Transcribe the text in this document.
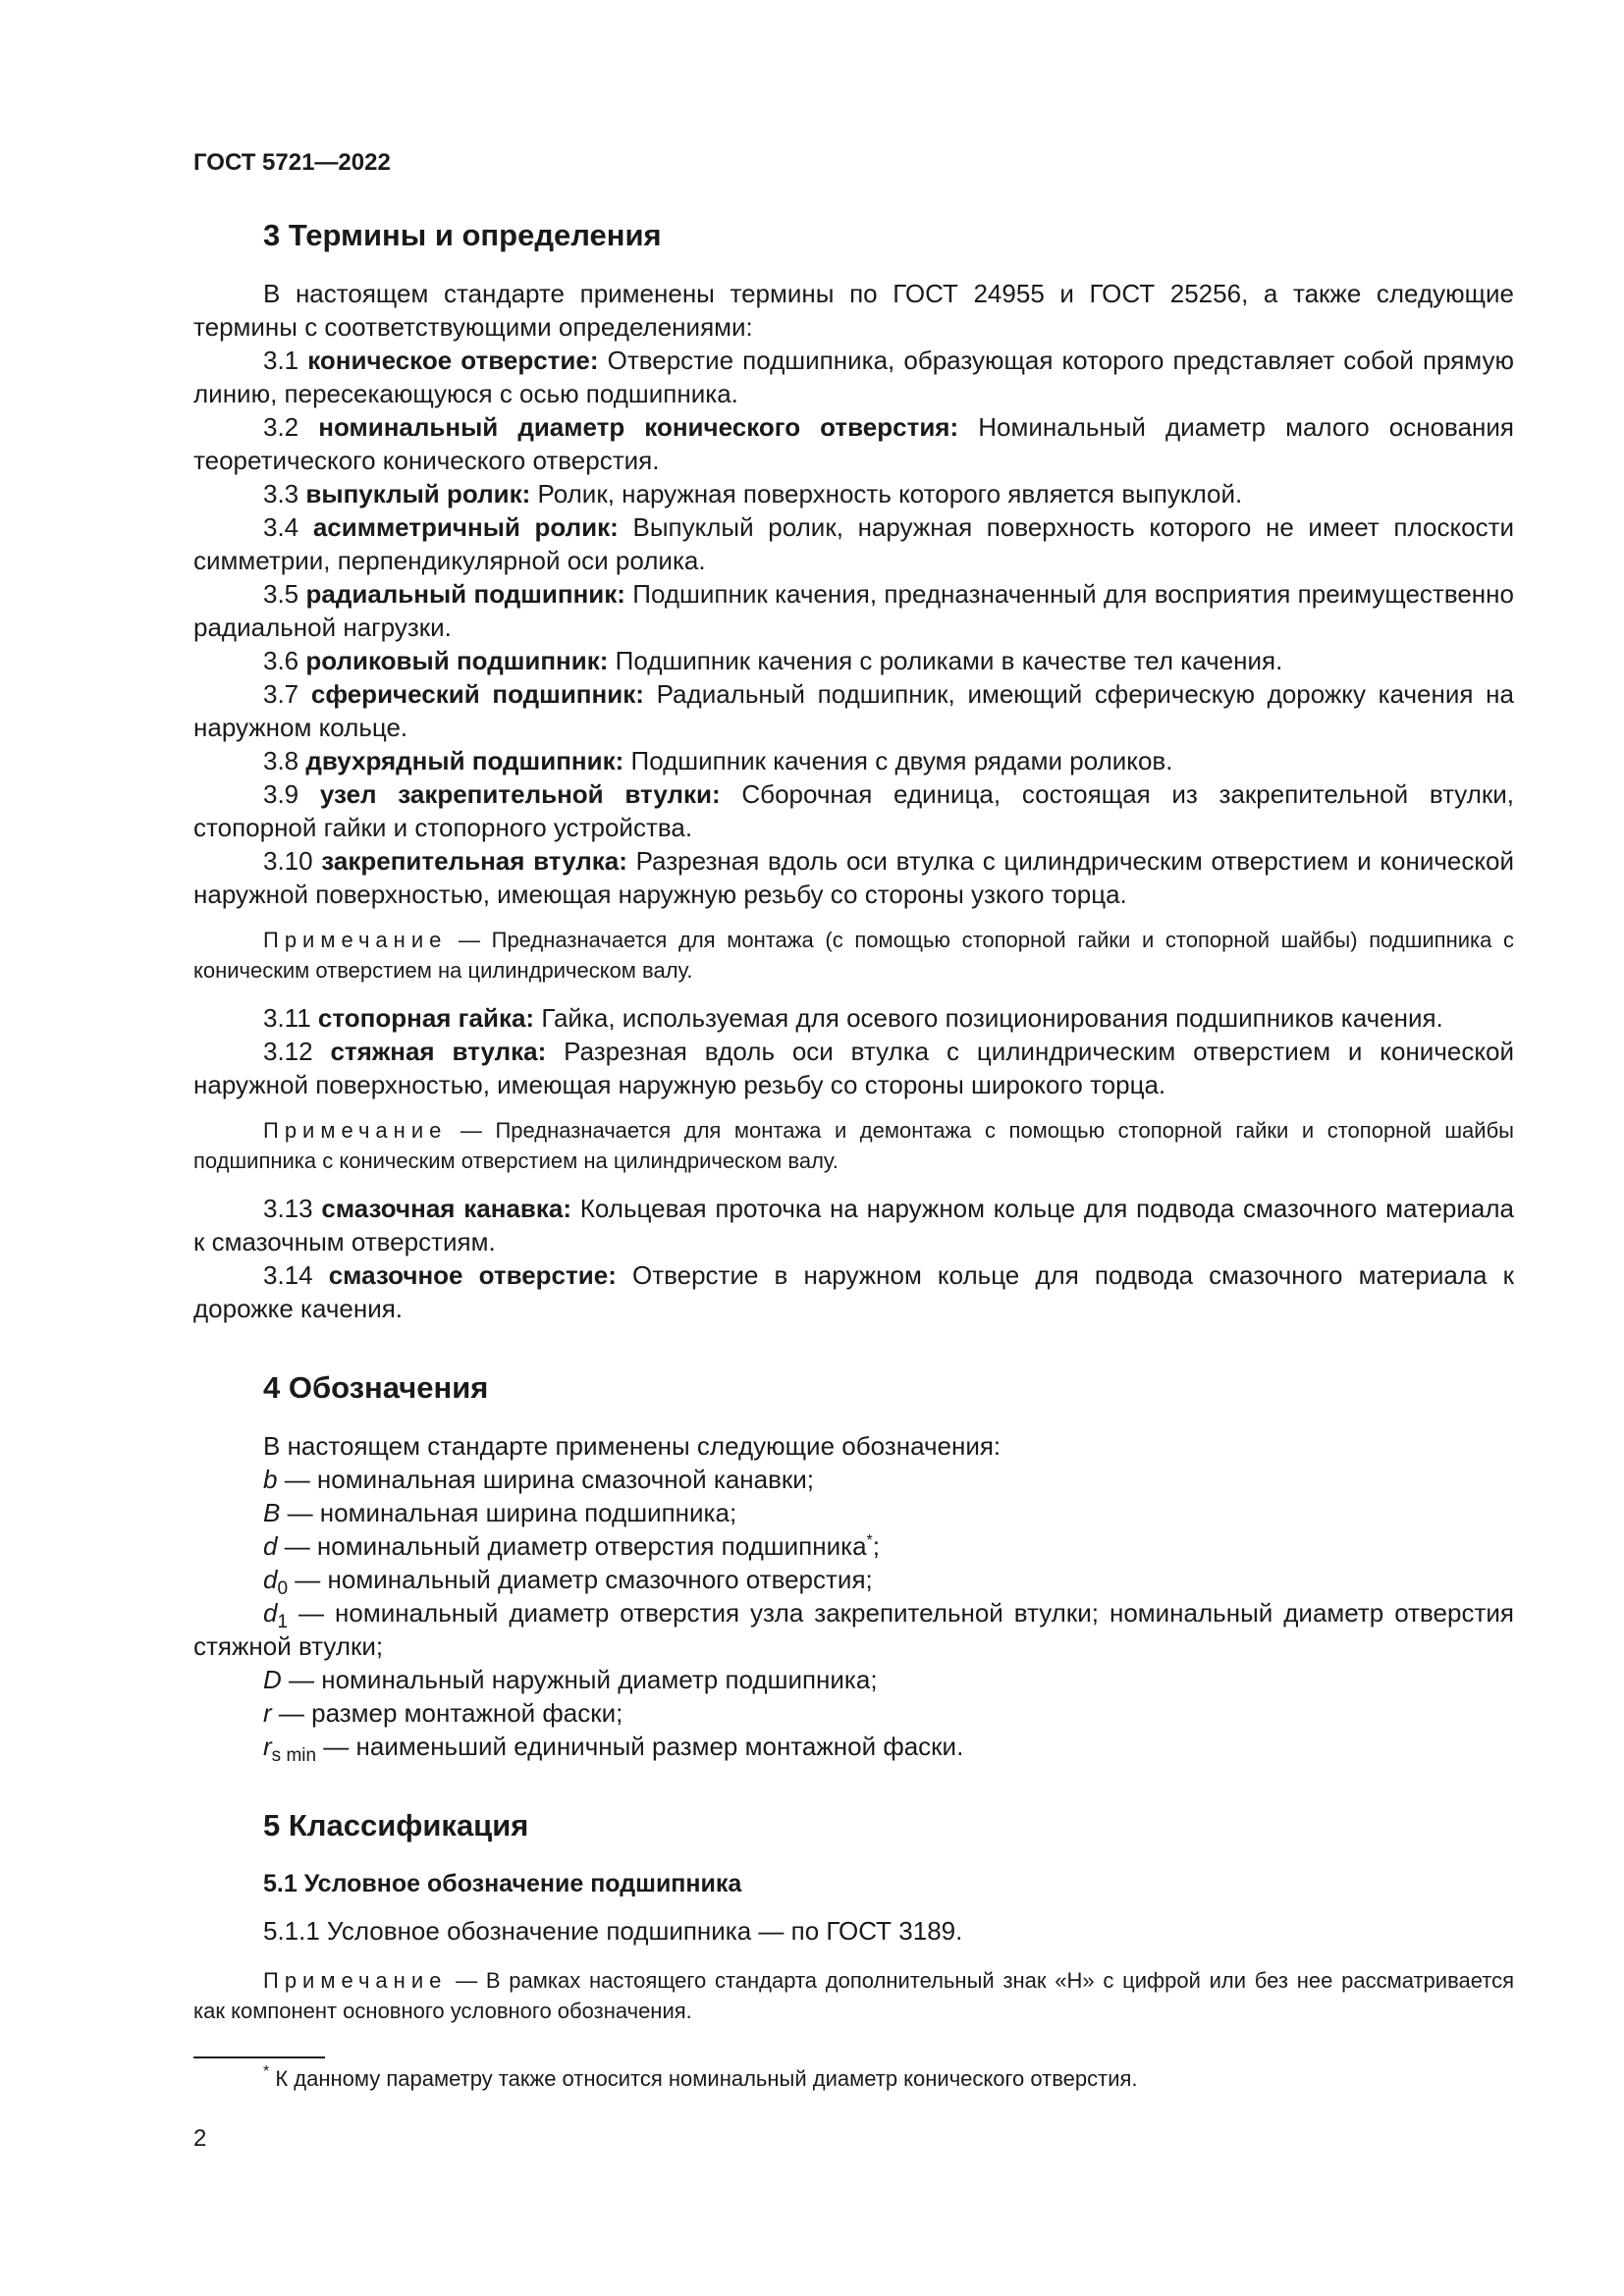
ГОСТ 5721—2022
3 Термины и определения

В настоящем стандарте применены термины по ГОСТ 24955 и ГОСТ 25256, а также следующие термины с соответствующими определениями:

3.1 коническое отверстие: Отверстие подшипника, образующая которого представляет собой прямую линию, пересекающуюся с осью подшипника.

3.2 номинальный диаметр конического отверстия: Номинальный диаметр малого основания теоретического конического отверстия.

3.3 выпуклый ролик: Ролик, наружная поверхность которого является выпуклой.

3.4 асимметричный ролик: Выпуклый ролик, наружная поверхность которого не имеет плоскости симметрии, перпендикулярной оси ролика.

3.5 радиальный подшипник: Подшипник качения, предназначенный для восприятия преимущественно радиальной нагрузки.

3.6 роликовый подшипник: Подшипник качения с роликами в качестве тел качения.

3.7 сферический подшипник: Радиальный подшипник, имеющий сферическую дорожку качения на наружном кольце.

3.8 двухрядный подшипник: Подшипник качения с двумя рядами роликов.

3.9 узел закрепительной втулки: Сборочная единица, состоящая из закрепительной втулки, стопорной гайки и стопорного устройства.

3.10 закрепительная втулка: Разрезная вдоль оси втулка с цилиндрическим отверстием и конической наружной поверхностью, имеющая наружную резьбу со стороны узкого торца.

Примечание — Предназначается для монтажа (с помощью стопорной гайки и стопорной шайбы) подшипника с коническим отверстием на цилиндрическом валу.

3.11 стопорная гайка: Гайка, используемая для осевого позиционирования подшипников качения.

3.12 стяжная втулка: Разрезная вдоль оси втулка с цилиндрическим отверстием и конической наружной поверхностью, имеющая наружную резьбу со стороны широкого торца.

Примечание — Предназначается для монтажа и демонтажа с помощью стопорной гайки и стопорной шайбы подшипника с коническим отверстием на цилиндрическом валу.

3.13 смазочная канавка: Кольцевая проточка на наружном кольце для подвода смазочного материала к смазочным отверстиям.

3.14 смазочное отверстие: Отверстие в наружном кольце для подвода смазочного материала к дорожке качения.

4 Обозначения

В настоящем стандарте применены следующие обозначения:

b — номинальная ширина смазочной канавки;

B — номинальная ширина подшипника;

d — номинальный диаметр отверстия подшипника*;

$d_0$ — номинальный диаметр смазочного отверстия;

$d_1$ — номинальный диаметр отверстия узла закрепительной втулки; номинальный диаметр отверстия стяжной втулки;

D — номинальный наружный диаметр подшипника;

r — размер монтажной фаски;

$r_{s min}$ — наименьший единичный размер монтажной фаски.

5 Классификация
5.1 Условное обозначение подшипника

5.1.1 Условное обозначение подшипника — по ГОСТ 3189.

Примечание — В рамках настоящего стандарта дополнительный знак «Н» с цифрой или без нее рассматривается как компонент основного условного обозначения.

* К данному параметру также относится номинальный диаметр конического отверстия.
2
